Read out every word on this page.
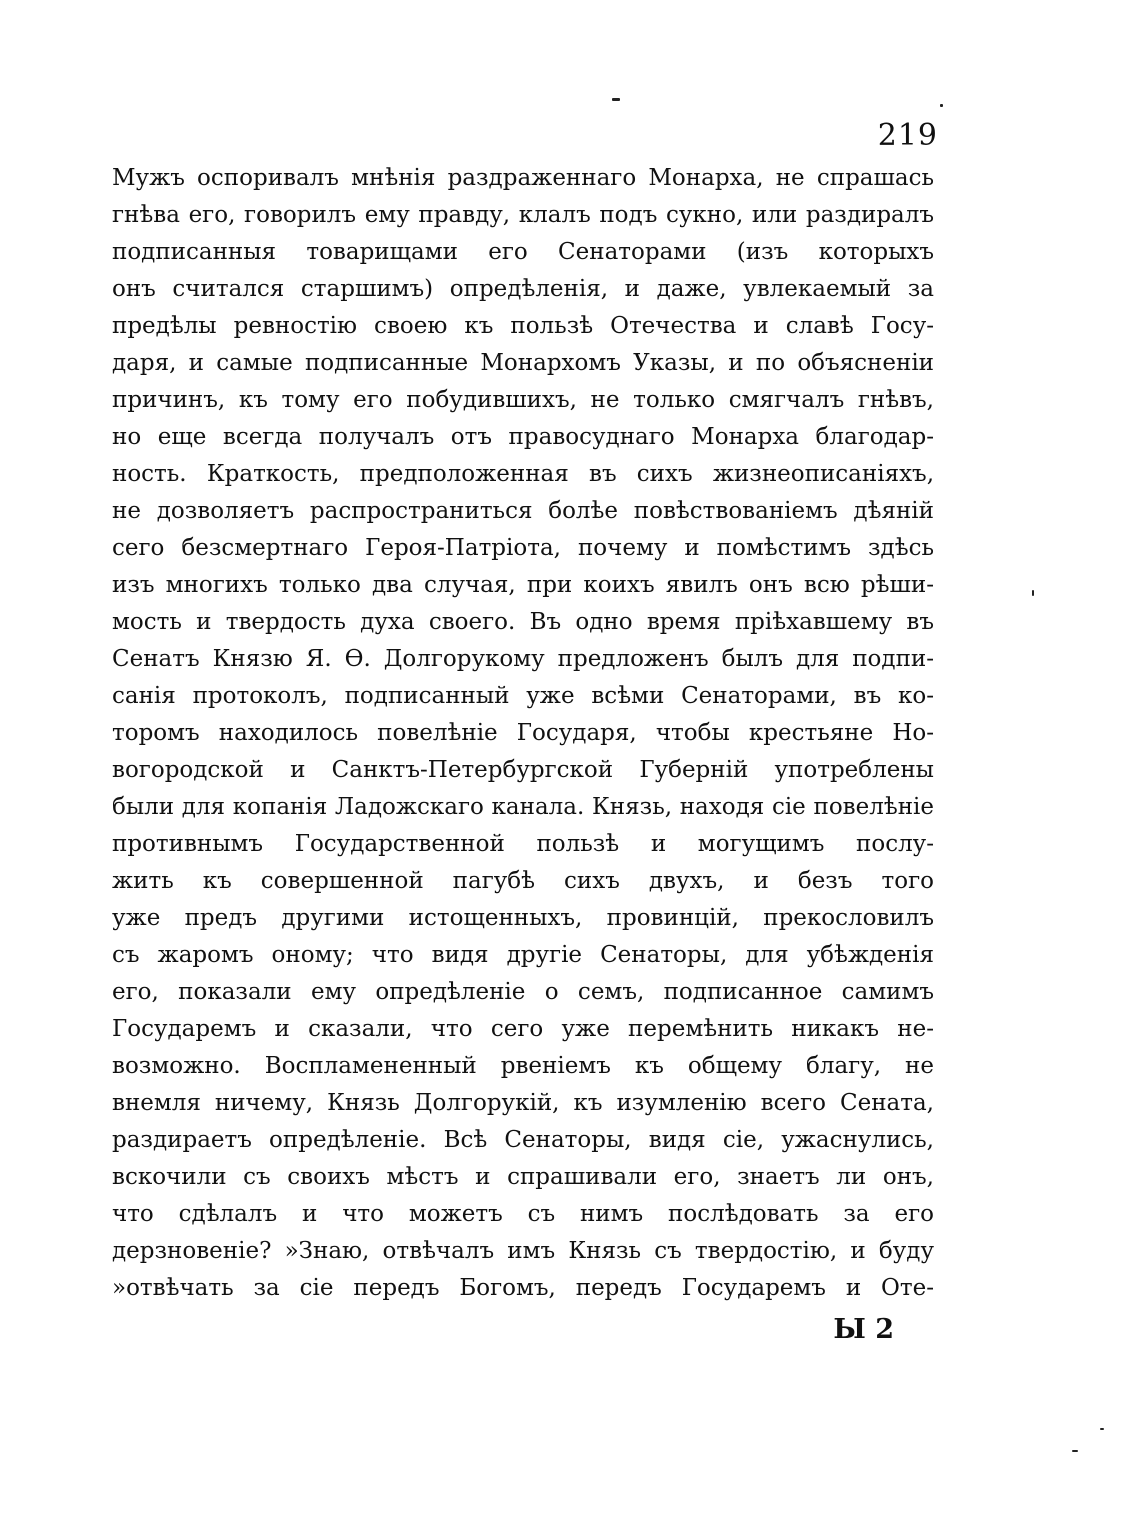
219
Мужъ оспоривалъ мнѣнія раздраженнаго Монарха, не спрашась
гнѣва его, говорилъ ему правду, клалъ подъ сукно, или раздиралъ
подписанныя товарищами его Сенаторами (изъ которыхъ
онъ считался старшимъ) опредѣленія, и даже, увлекаемый за
предѣлы ревностію своею къ пользѣ Отечества и славѣ Госу-
даря, и самые подписанные Монархомъ Указы, и по объясненіи
причинъ, къ тому его побудившихъ, не только смягчалъ гнѣвъ,
но еще всегда получалъ отъ правосуднаго Монарха благодар-
ность. Краткость, предположенная въ сихъ жизнеописаніяхъ,
не дозволяетъ распространиться болѣе повѣствованіемъ дѣяній
сего безсмертнаго Героя-Патріота, почему и помѣстимъ здѣсь
изъ многихъ только два случая, при коихъ явилъ онъ всю рѣши-
мость и твердость духа своего. Въ одно время пріѣхавшему въ
Сенатъ Князю Я. Ѳ. Долгорукому предложенъ былъ для подпи-
санія протоколъ, подписанный уже всѣми Сенаторами, въ ко-
торомъ находилось повелѣніе Государя, чтобы крестьяне Но-
вогородской и Санктъ-Петербургской Губерній употреблены
были для копанія Ладожскаго канала. Князь, находя сіе повелѣніе
противнымъ Государственной пользѣ и могущимъ послу-
жить къ совершенной пагубѣ сихъ двухъ, и безъ того
уже предъ другими истощенныхъ, провинцій, прекословилъ
съ жаромъ оному; что видя другіе Сенаторы, для убѣжденія
его, показали ему опредѣленіе о семъ, подписанное самимъ
Государемъ и сказали, что сего уже перемѣнить никакъ не-
возможно. Воспламененный рвеніемъ къ общему благу, не
внемля ничему, Князь Долгорукій, къ изумленію всего Сената,
раздираетъ опредѣленіе. Всѣ Сенаторы, видя сіе, ужаснулись,
вскочили съ своихъ мѣстъ и спрашивали его, знаетъ ли онъ,
что сдѣлалъ и что можетъ съ нимъ послѣдовать за его
дерзновеніе? »Знаю, отвѣчалъ имъ Князь съ твердостію, и буду
»отвѣчать за сіе передъ Богомъ, передъ Государемъ и Оте-
Ы 2
